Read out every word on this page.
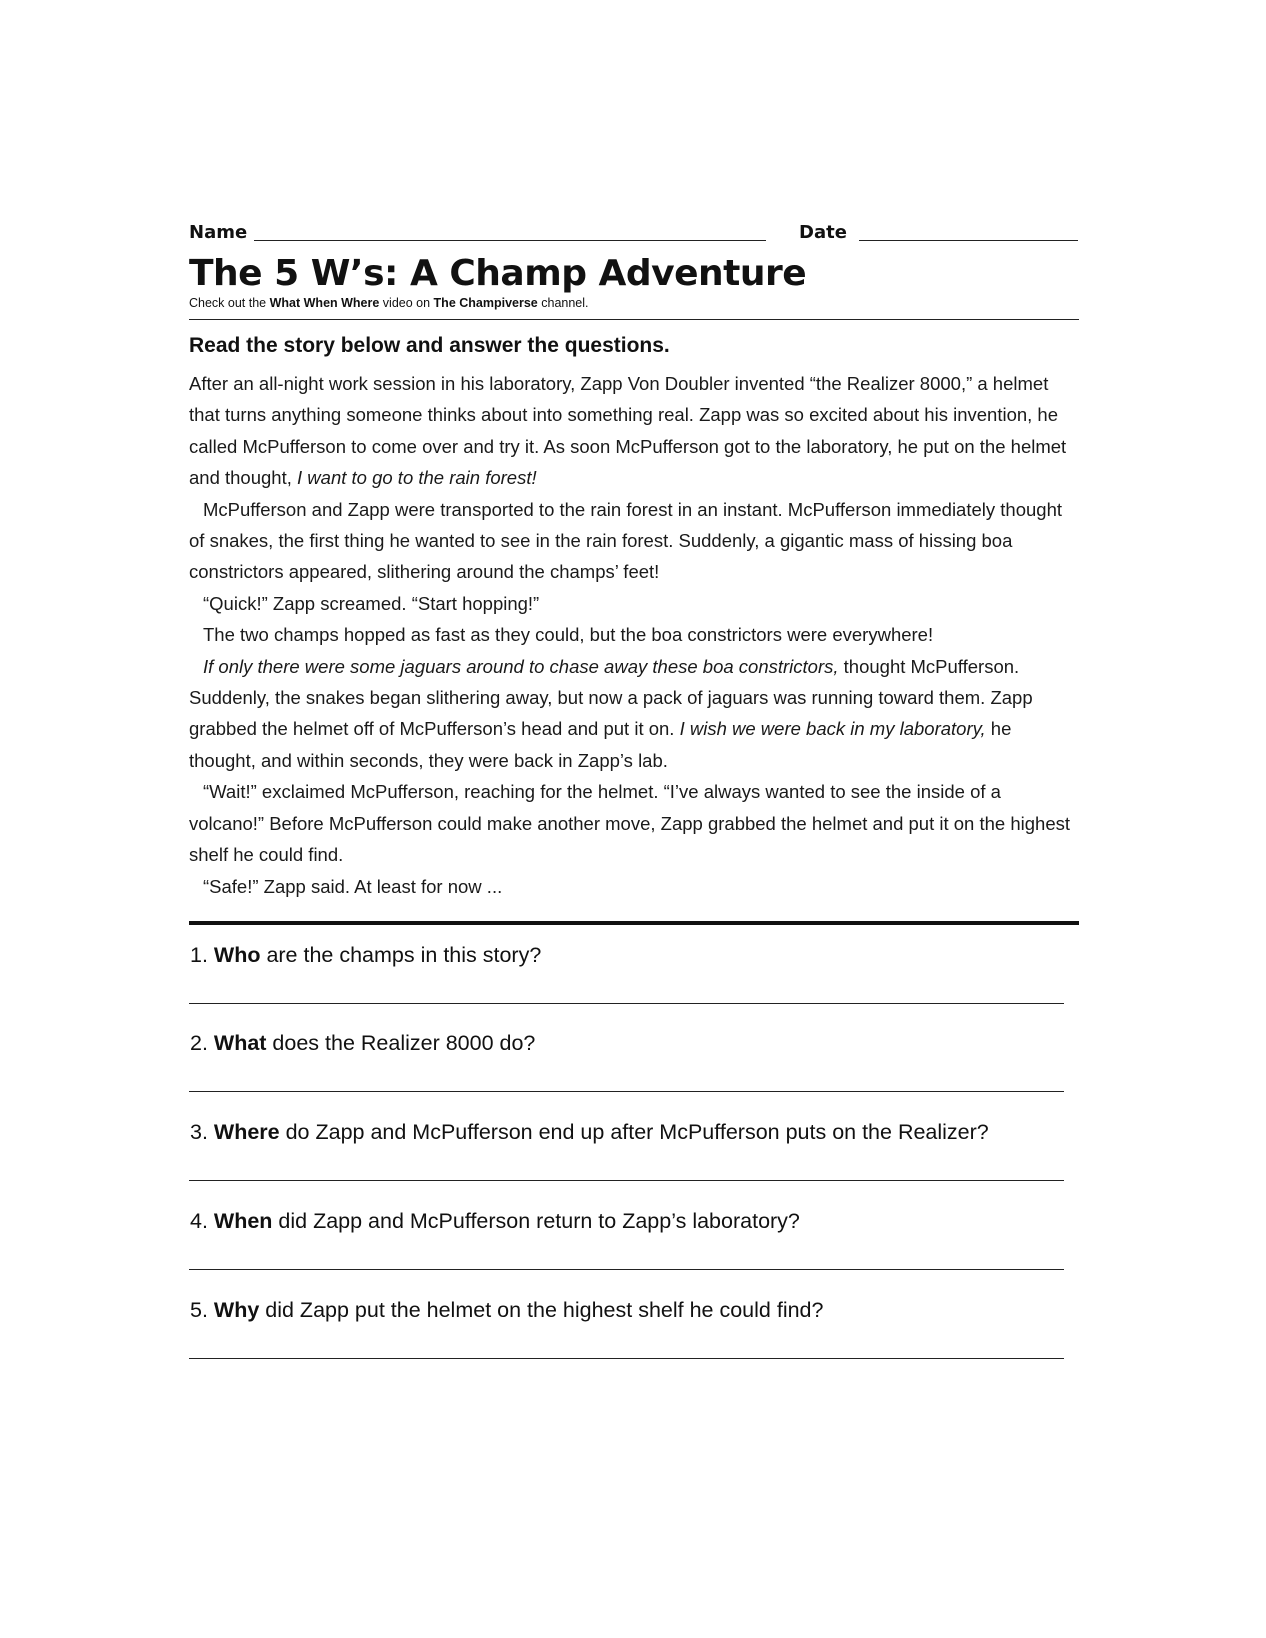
Name	Date
The 5 W’s: A Champ Adventure
Check out the What When Where video on The Champiverse channel.
Read the story below and answer the questions.

After an all-night work session in his laboratory, Zapp Von Doubler invented “the Realizer 8000,” a helmet that turns anything someone thinks about into something real. Zapp was so excited about his invention, he called McPufferson to come over and try it. As soon McPufferson got to the laboratory, he put on the helmet and thought, I want to go to the rain forest!

McPufferson and Zapp were transported to the rain forest in an instant. McPufferson immediately thought of snakes, the first thing he wanted to see in the rain forest. Suddenly, a gigantic mass of hissing boa constrictors appeared, slithering around the champs’ feet!

“Quick!” Zapp screamed. “Start hopping!”

The two champs hopped as fast as they could, but the boa constrictors were everywhere!

If only there were some jaguars around to chase away these boa constrictors, thought McPufferson. Suddenly, the snakes began slithering away, but now a pack of jaguars was running toward them. Zapp grabbed the helmet off of McPufferson’s head and put it on. I wish we were back in my laboratory, he thought, and within seconds, they were back in Zapp’s lab.

“Wait!” exclaimed McPufferson, reaching for the helmet. “I’ve always wanted to see the inside of a volcano!” Before McPufferson could make another move, Zapp grabbed the helmet and put it on the highest shelf he could find.

“Safe!” Zapp said. At least for now ...

1. Who are the champs in this story?
2. What does the Realizer 8000 do?
3. Where do Zapp and McPufferson end up after McPufferson puts on the Realizer?
4. When did Zapp and McPufferson return to Zapp’s laboratory?
5. Why did Zapp put the helmet on the highest shelf he could find?
